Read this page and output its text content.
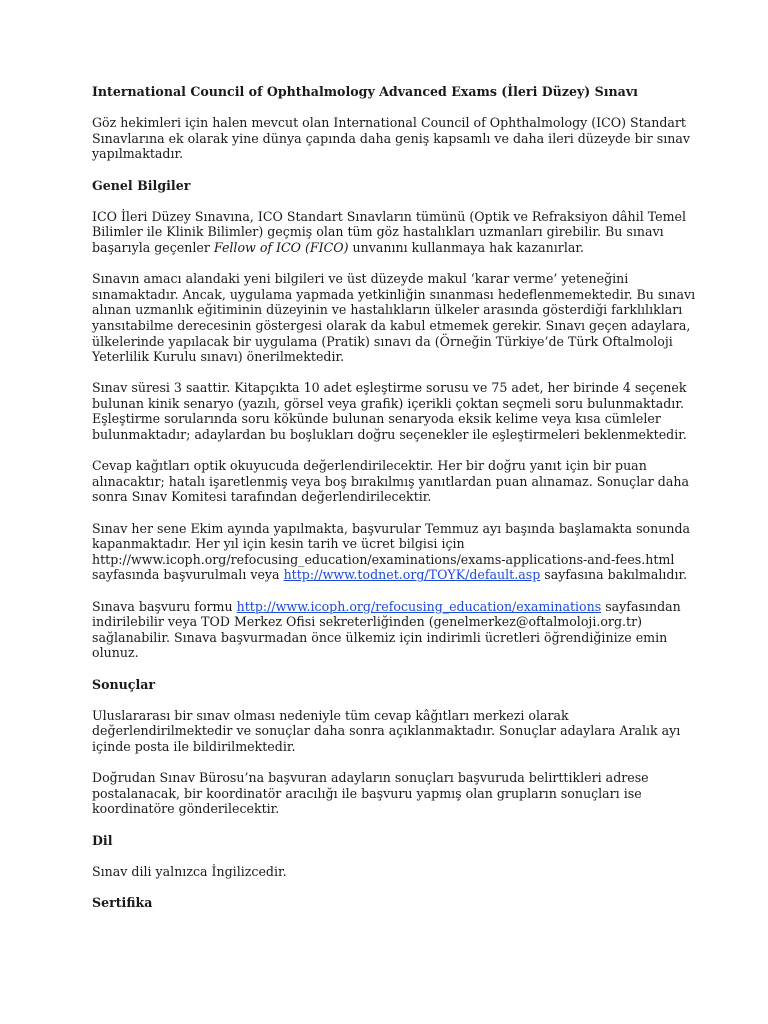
International Council of Ophthalmology Advanced Exams (İleri Düzey) Sınavı

Göz hekimleri için halen mevcut olan International Council of Ophthalmology (ICO) Standart
Sınavlarına ek olarak yine dünya çapında daha geniş kapsamlı ve daha ileri düzeyde bir sınav
yapılmaktadır.

Genel Bilgiler

ICO İleri Düzey Sınavına, ICO Standart Sınavların tümünü (Optik ve Refraksiyon dâhil Temel
Bilimler ile Klinik Bilimler) geçmiş olan tüm göz hastalıkları uzmanları girebilir. Bu sınavı
başarıyla geçenler Fellow of ICO (FICO) unvanını kullanmaya hak kazanırlar.

Sınavın amacı alandaki yeni bilgileri ve üst düzeyde makul ‘karar verme’ yeteneğini
sınamaktadır. Ancak, uygulama yapmada yetkinliğin sınanması hedeflenmemektedir. Bu sınavı
alınan uzmanlık eğitiminin düzeyinin ve hastalıkların ülkeler arasında gösterdiği farklılıkları
yansıtabilme derecesinin göstergesi olarak da kabul etmemek gerekir. Sınavı geçen adaylara,
ülkelerinde yapılacak bir uygulama (Pratik) sınavı da (Örneğin Türkiye’de Türk Oftalmoloji
Yeterlilik Kurulu sınavı) önerilmektedir.

Sınav süresi 3 saattir. Kitapçıkta 10 adet eşleştirme sorusu ve 75 adet, her birinde 4 seçenek
bulunan kinik senaryo (yazılı, görsel veya grafik) içerikli çoktan seçmeli soru bulunmaktadır.
Eşleştirme sorularında soru kökünde bulunan senaryoda eksik kelime veya kısa cümleler
bulunmaktadır; adaylardan bu boşlukları doğru seçenekler ile eşleştirmeleri beklenmektedir.

Cevap kağıtları optik okuyucuda değerlendirilecektir. Her bir doğru yanıt için bir puan
alınacaktır; hatalı işaretlenmiş veya boş bırakılmış yanıtlardan puan alınamaz. Sonuçlar daha
sonra Sınav Komitesi tarafından değerlendirilecektir.

Sınav her sene Ekim ayında yapılmakta, başvurular Temmuz ayı başında başlamakta sonunda
kapanmaktadır. Her yıl için kesin tarih ve ücret bilgisi için
http://www.icoph.org/refocusing_education/examinations/exams-applications-and-fees.html
sayfasında başvurulmalı veya http://www.todnet.org/TOYK/default.asp sayfasına bakılmalıdır.

Sınava başvuru formu http://www.icoph.org/refocusing_education/examinations sayfasından
indirilebilir veya TOD Merkez Ofisi sekreterliğinden (genelmerkez@oftalmoloji.org.tr)
sağlanabilir. Sınava başvurmadan önce ülkemiz için indirimli ücretleri öğrendiğinize emin
olunuz.

Sonuçlar

Uluslararası bir sınav olması nedeniyle tüm cevap kâğıtları merkezi olarak
değerlendirilmektedir ve sonuçlar daha sonra açıklanmaktadır. Sonuçlar adaylara Aralık ayı
içinde posta ile bildirilmektedir.

Doğrudan Sınav Bürosu’na başvuran adayların sonuçları başvuruda belirttikleri adrese
postalanacak, bir koordinatör aracılığı ile başvuru yapmış olan grupların sonuçları ise
koordinatöre gönderilecektir.

Dil

Sınav dili yalnızca İngilizcedir.

Sertifika
